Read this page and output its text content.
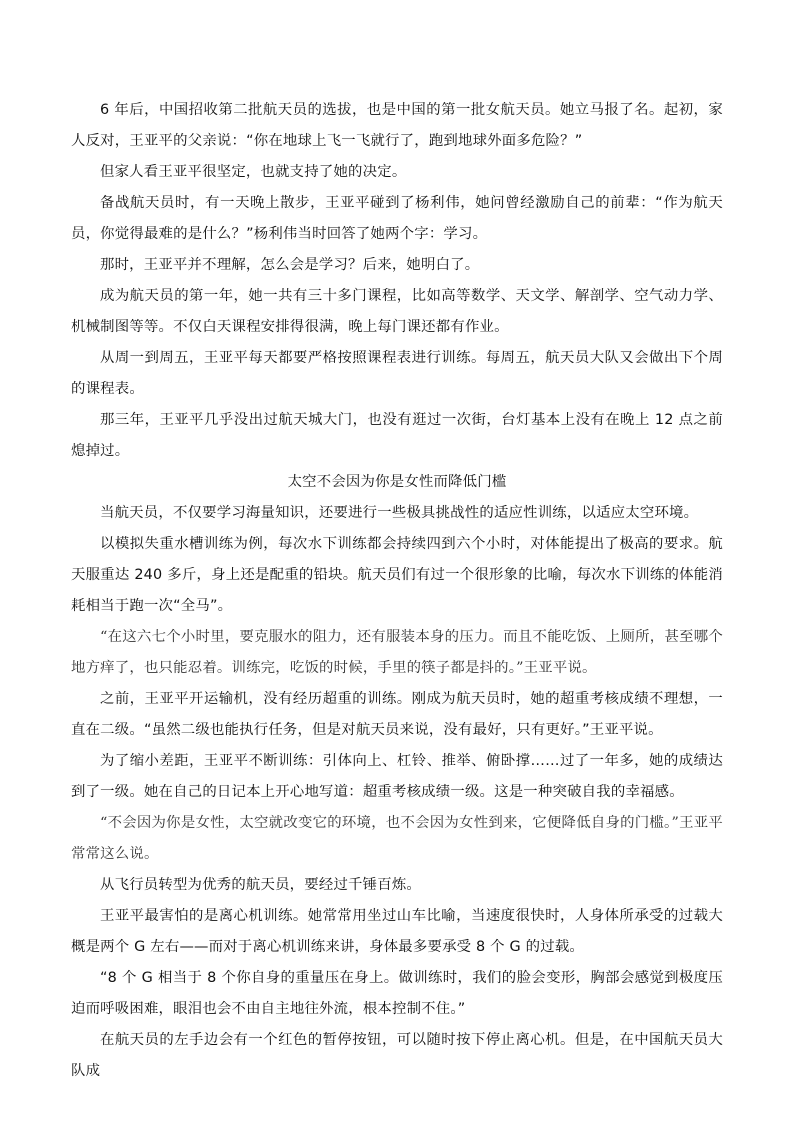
6 年后，中国招收第二批航天员的选拔，也是中国的第一批女航天员。她立马报了名。起初，家人反对，王亚平的父亲说：“你在地球上飞一飞就行了，跑到地球外面多危险？”

但家人看王亚平很坚定，也就支持了她的决定。

备战航天员时，有一天晚上散步，王亚平碰到了杨利伟，她问曾经激励自己的前辈：“作为航天员，你觉得最难的是什么？”杨利伟当时回答了她两个字：学习。

那时，王亚平并不理解，怎么会是学习？后来，她明白了。

成为航天员的第一年，她一共有三十多门课程，比如高等数学、天文学、解剖学、空气动力学、机械制图等等。不仅白天课程安排得很满，晚上每门课还都有作业。

从周一到周五，王亚平每天都要严格按照课程表进行训练。每周五，航天员大队又会做出下个周的课程表。

那三年，王亚平几乎没出过航天城大门，也没有逛过一次街，台灯基本上没有在晚上 12 点之前熄掉过。

太空不会因为你是女性而降低门槛

当航天员，不仅要学习海量知识，还要进行一些极具挑战性的适应性训练，以适应太空环境。

以模拟失重水槽训练为例，每次水下训练都会持续四到六个小时，对体能提出了极高的要求。航天服重达 240 多斤，身上还是配重的铅块。航天员们有过一个很形象的比喻，每次水下训练的体能消耗相当于跑一次“全马”。

“在这六七个小时里，要克服水的阻力，还有服装本身的压力。而且不能吃饭、上厕所，甚至哪个地方痒了，也只能忍着。训练完，吃饭的时候，手里的筷子都是抖的。”王亚平说。

之前，王亚平开运输机，没有经历超重的训练。刚成为航天员时，她的超重考核成绩不理想，一直在二级。“虽然二级也能执行任务，但是对航天员来说，没有最好，只有更好。”王亚平说。

为了缩小差距，王亚平不断训练：引体向上、杠铃、推举、俯卧撑……过了一年多，她的成绩达到了一级。她在自己的日记本上开心地写道：超重考核成绩一级。这是一种突破自我的幸福感。

“不会因为你是女性，太空就改变它的环境，也不会因为女性到来，它便降低自身的门槛。”王亚平常常这么说。

从飞行员转型为优秀的航天员，要经过千锤百炼。

王亚平最害怕的是离心机训练。她常常用坐过山车比喻，当速度很快时，人身体所承受的过载大概是两个 G 左右——而对于离心机训练来讲，身体最多要承受 8 个 G 的过载。

“8 个 G 相当于 8 个你自身的重量压在身上。做训练时，我们的脸会变形，胸部会感觉到极度压迫而呼吸困难，眼泪也会不由自主地往外流，根本控制不住。”

在航天员的左手边会有一个红色的暂停按钮，可以随时按下停止离心机。但是，在中国航天员大队成
